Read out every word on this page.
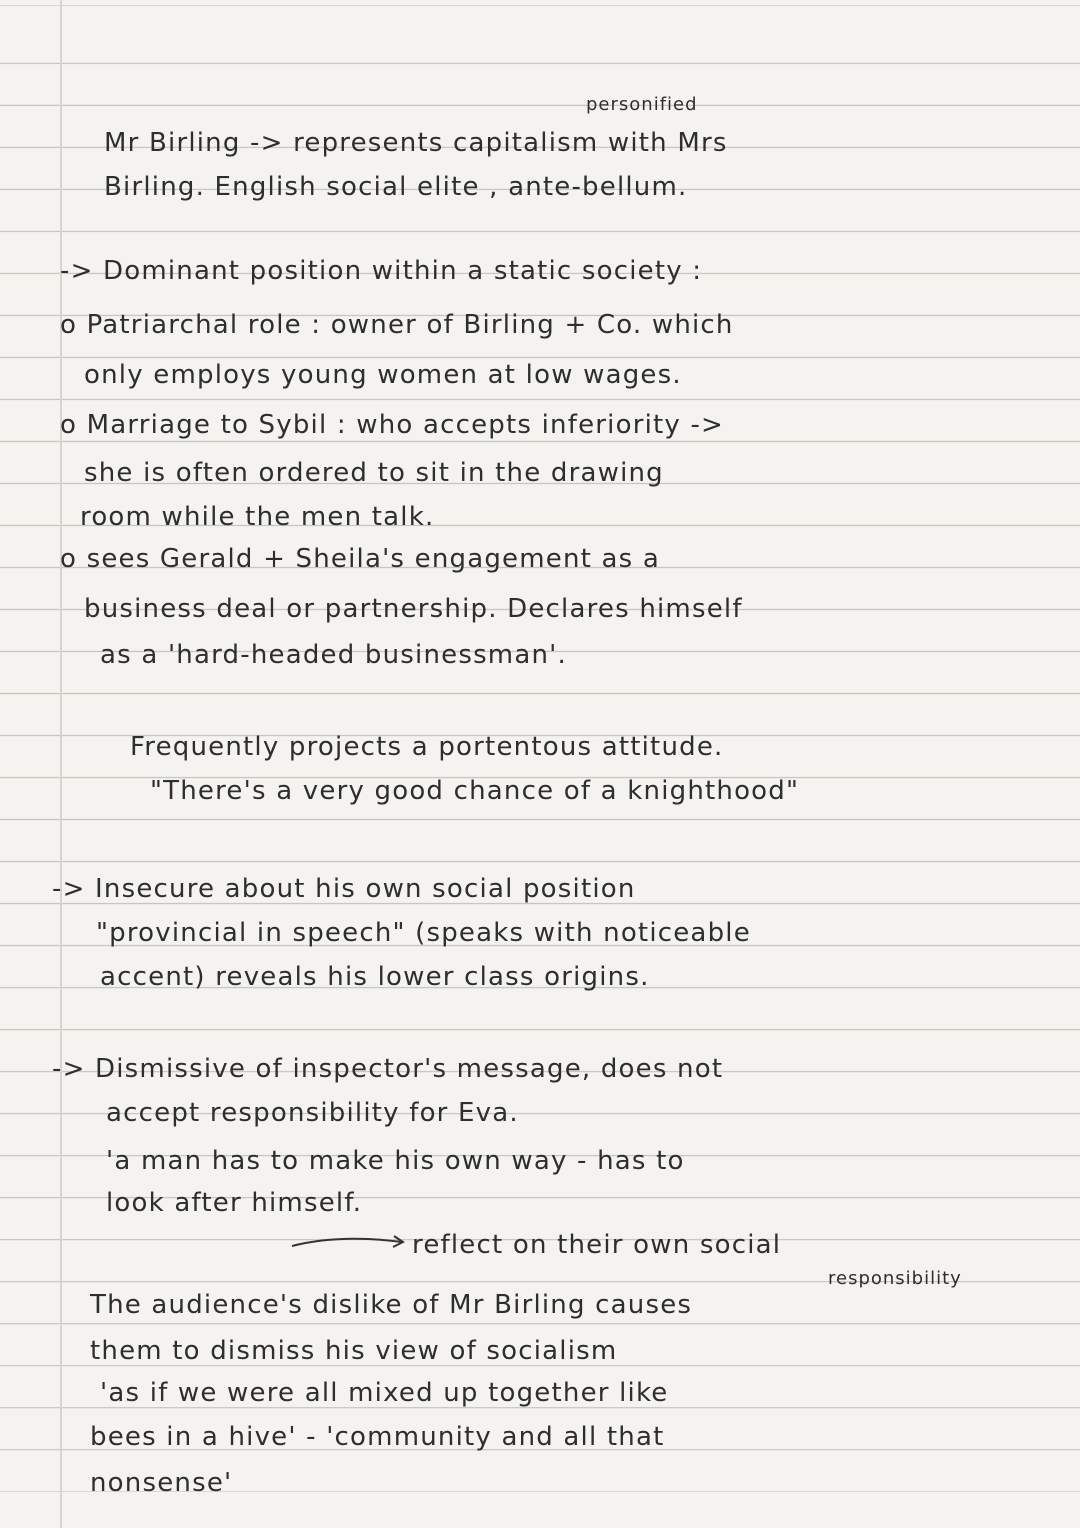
personified
Mr Birling -> represents capitalism with Mrs
Birling. English social elite , ante-bellum.
-> Dominant position within a static society :
o Patriarchal role : owner of Birling + Co. which
only employs young women at low wages.
o Marriage to Sybil : who accepts inferiority ->
she is often ordered to sit in the drawing
room while the men talk.
o sees Gerald + Sheila's engagement as a
business deal or partnership. Declares himself
as a 'hard-headed businessman'.
Frequently projects a portentous attitude.
"There's a very good chance of a knighthood"
-> Insecure about his own social position
"provincial in speech" (speaks with noticeable
accent) reveals his lower class origins.
-> Dismissive of inspector's message, does not
accept responsibility for Eva.
'a man has to make his own way - has to
look after himself.
reflect on their own social
responsibility
The audience's dislike of Mr Birling causes
them to dismiss his view of socialism
'as if we were all mixed up together like
bees in a hive' - 'community and all that
nonsense'
